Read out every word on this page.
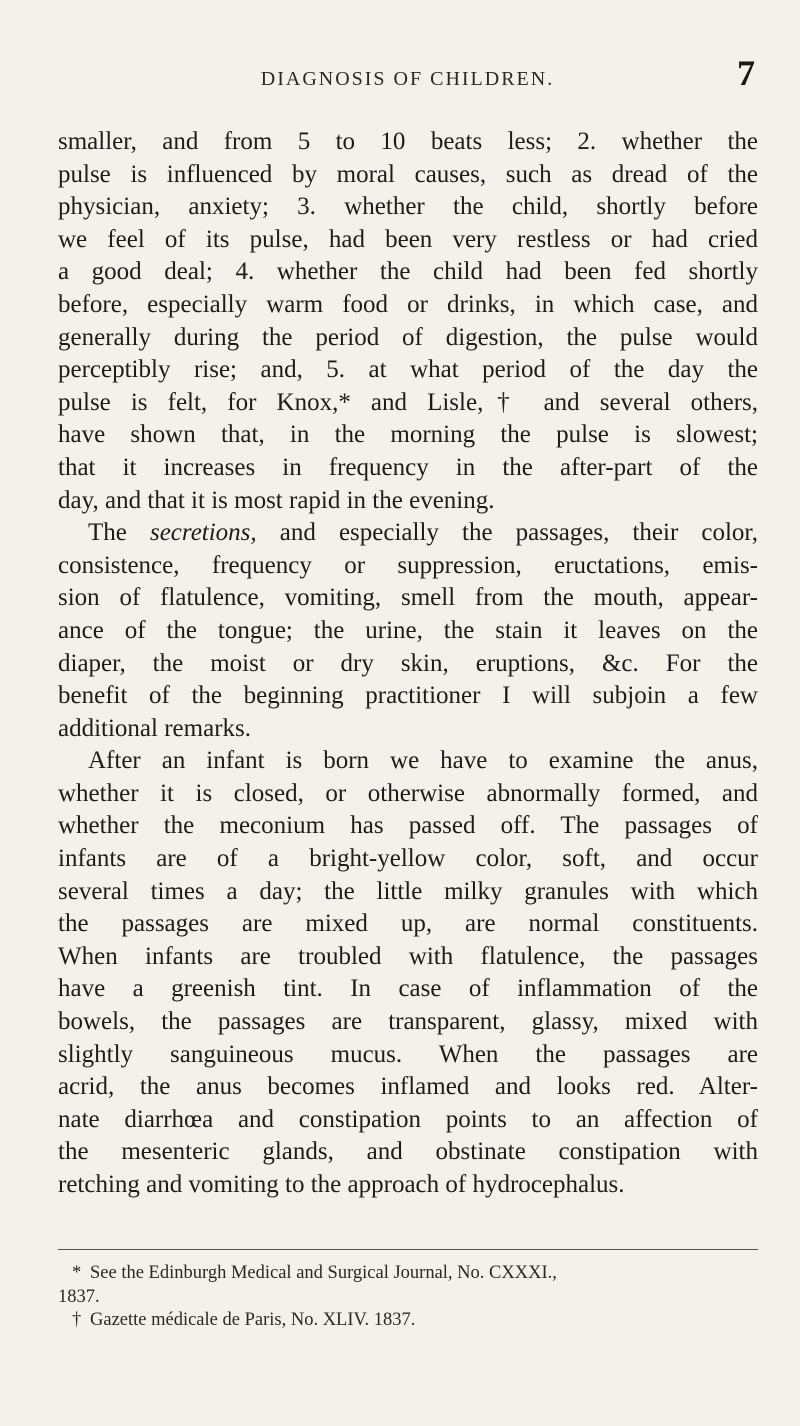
DIAGNOSIS OF CHILDREN.	7

smaller, and from 5 to 10 beats less; 2. whether the
pulse is influenced by moral causes, such as dread of the
physician, anxiety; 3. whether the child, shortly before
we feel of its pulse, had been very restless or had cried
a good deal; 4. whether the child had been fed shortly
before, especially warm food or drinks, in which case, and
generally during the period of digestion, the pulse would
perceptibly rise; and, 5. at what period of the day the
pulse is felt, for Knox,* and Lisle,† and several others,
have shown that, in the morning the pulse is slowest;
that it increases in frequency in the after-part of the
day, and that it is most rapid in the evening.

The secretions, and especially the passages, their color,
consistence, frequency or suppression, eructations, emis-
sion of flatulence, vomiting, smell from the mouth, appear-
ance of the tongue; the urine, the stain it leaves on the
diaper, the moist or dry skin, eruptions, &c. For the
benefit of the beginning practitioner I will subjoin a few
additional remarks.

After an infant is born we have to examine the anus,
whether it is closed, or otherwise abnormally formed, and
whether the meconium has passed off. The passages of
infants are of a bright-yellow color, soft, and occur
several times a day; the little milky granules with which
the passages are mixed up, are normal constituents.
When infants are troubled with flatulence, the passages
have a greenish tint. In case of inflammation of the
bowels, the passages are transparent, glassy, mixed with
slightly sanguineous mucus. When the passages are
acrid, the anus becomes inflamed and looks red. Alter-
nate diarrhœa and constipation points to an affection of
the mesenteric glands, and obstinate constipation with
retching and vomiting to the approach of hydrocephalus.

* See the Edinburgh Medical and Surgical Journal, No. CXXXI.,

1837.

† Gazette médicale de Paris, No. XLIV. 1837.
